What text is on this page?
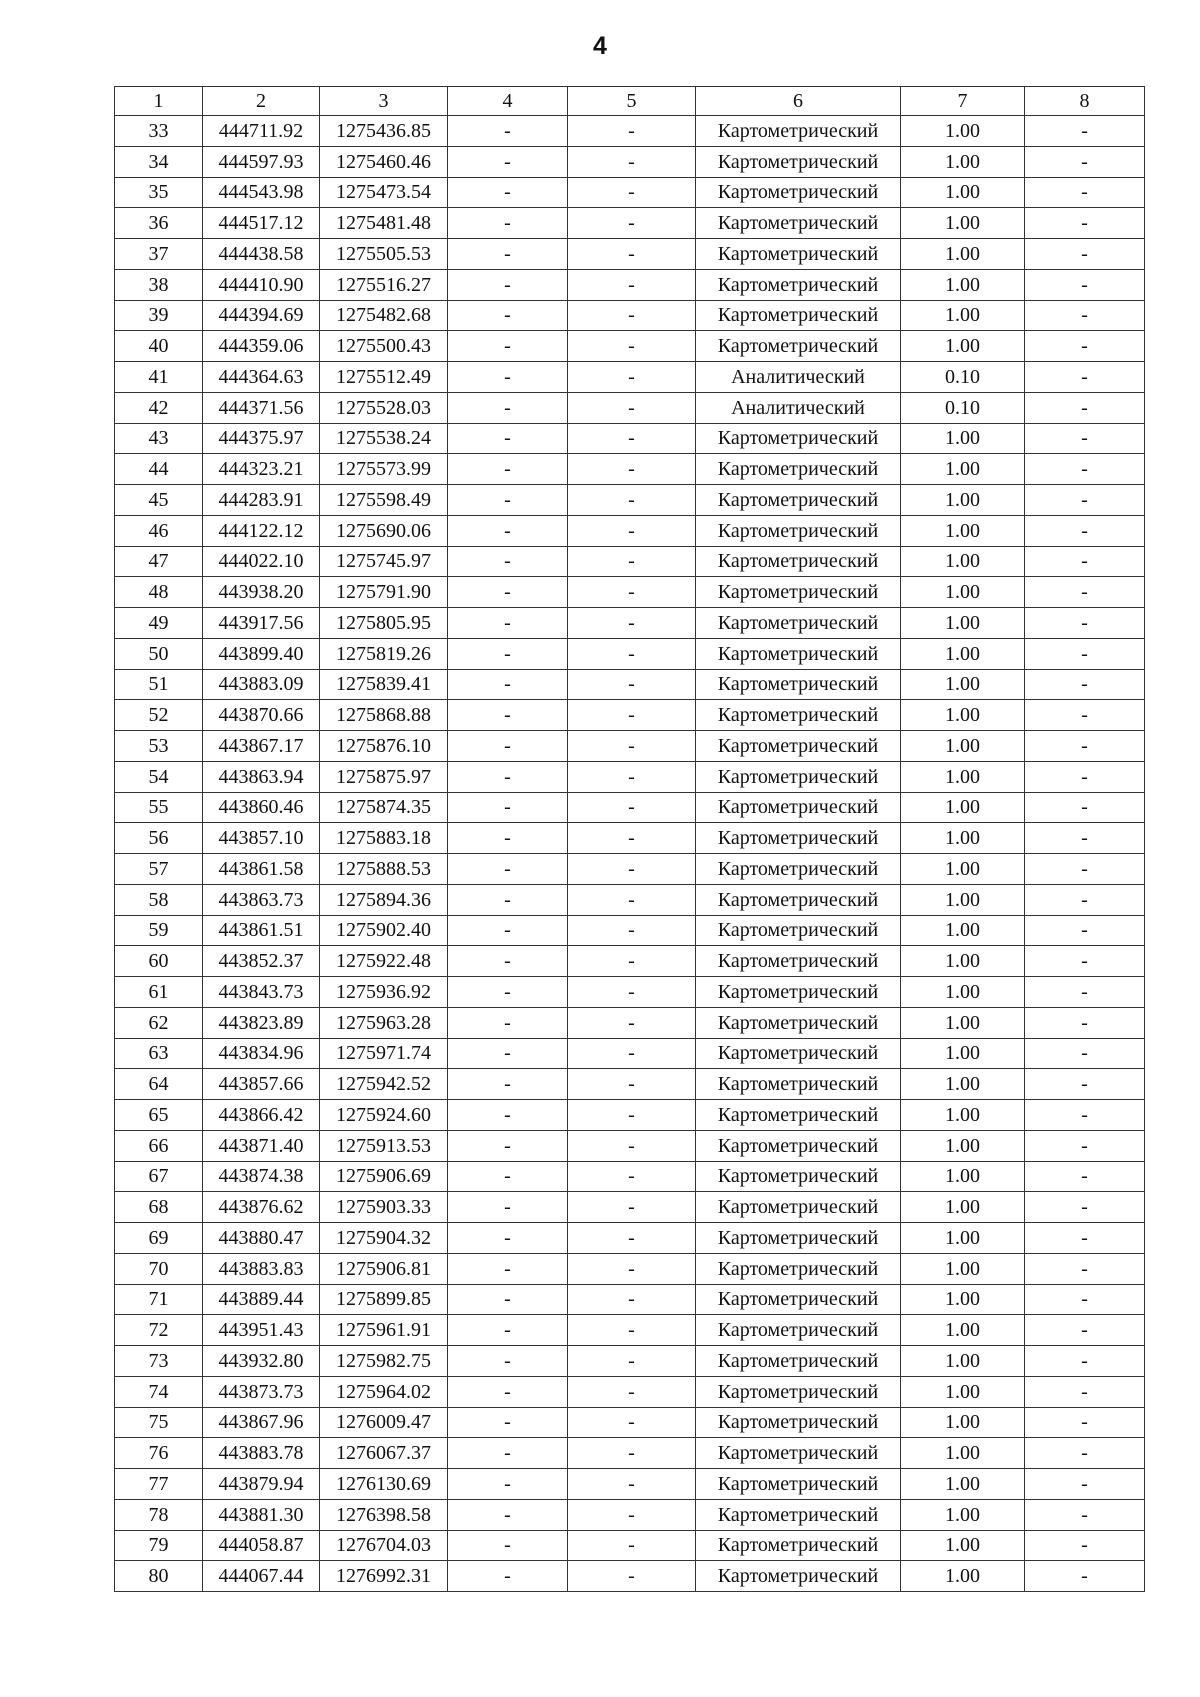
4
1	2	3	4	5	6	7	8
33	444711.92	1275436.85	-	-	Картометрический	1.00	-
34	444597.93	1275460.46	-	-	Картометрический	1.00	-
35	444543.98	1275473.54	-	-	Картометрический	1.00	-
36	444517.12	1275481.48	-	-	Картометрический	1.00	-
37	444438.58	1275505.53	-	-	Картометрический	1.00	-
38	444410.90	1275516.27	-	-	Картометрический	1.00	-
39	444394.69	1275482.68	-	-	Картометрический	1.00	-
40	444359.06	1275500.43	-	-	Картометрический	1.00	-
41	444364.63	1275512.49	-	-	Аналитический	0.10	-
42	444371.56	1275528.03	-	-	Аналитический	0.10	-
43	444375.97	1275538.24	-	-	Картометрический	1.00	-
44	444323.21	1275573.99	-	-	Картометрический	1.00	-
45	444283.91	1275598.49	-	-	Картометрический	1.00	-
46	444122.12	1275690.06	-	-	Картометрический	1.00	-
47	444022.10	1275745.97	-	-	Картометрический	1.00	-
48	443938.20	1275791.90	-	-	Картометрический	1.00	-
49	443917.56	1275805.95	-	-	Картометрический	1.00	-
50	443899.40	1275819.26	-	-	Картометрический	1.00	-
51	443883.09	1275839.41	-	-	Картометрический	1.00	-
52	443870.66	1275868.88	-	-	Картометрический	1.00	-
53	443867.17	1275876.10	-	-	Картометрический	1.00	-
54	443863.94	1275875.97	-	-	Картометрический	1.00	-
55	443860.46	1275874.35	-	-	Картометрический	1.00	-
56	443857.10	1275883.18	-	-	Картометрический	1.00	-
57	443861.58	1275888.53	-	-	Картометрический	1.00	-
58	443863.73	1275894.36	-	-	Картометрический	1.00	-
59	443861.51	1275902.40	-	-	Картометрический	1.00	-
60	443852.37	1275922.48	-	-	Картометрический	1.00	-
61	443843.73	1275936.92	-	-	Картометрический	1.00	-
62	443823.89	1275963.28	-	-	Картометрический	1.00	-
63	443834.96	1275971.74	-	-	Картометрический	1.00	-
64	443857.66	1275942.52	-	-	Картометрический	1.00	-
65	443866.42	1275924.60	-	-	Картометрический	1.00	-
66	443871.40	1275913.53	-	-	Картометрический	1.00	-
67	443874.38	1275906.69	-	-	Картометрический	1.00	-
68	443876.62	1275903.33	-	-	Картометрический	1.00	-
69	443880.47	1275904.32	-	-	Картометрический	1.00	-
70	443883.83	1275906.81	-	-	Картометрический	1.00	-
71	443889.44	1275899.85	-	-	Картометрический	1.00	-
72	443951.43	1275961.91	-	-	Картометрический	1.00	-
73	443932.80	1275982.75	-	-	Картометрический	1.00	-
74	443873.73	1275964.02	-	-	Картометрический	1.00	-
75	443867.96	1276009.47	-	-	Картометрический	1.00	-
76	443883.78	1276067.37	-	-	Картометрический	1.00	-
77	443879.94	1276130.69	-	-	Картометрический	1.00	-
78	443881.30	1276398.58	-	-	Картометрический	1.00	-
79	444058.87	1276704.03	-	-	Картометрический	1.00	-
80	444067.44	1276992.31	-	-	Картометрический	1.00	-
